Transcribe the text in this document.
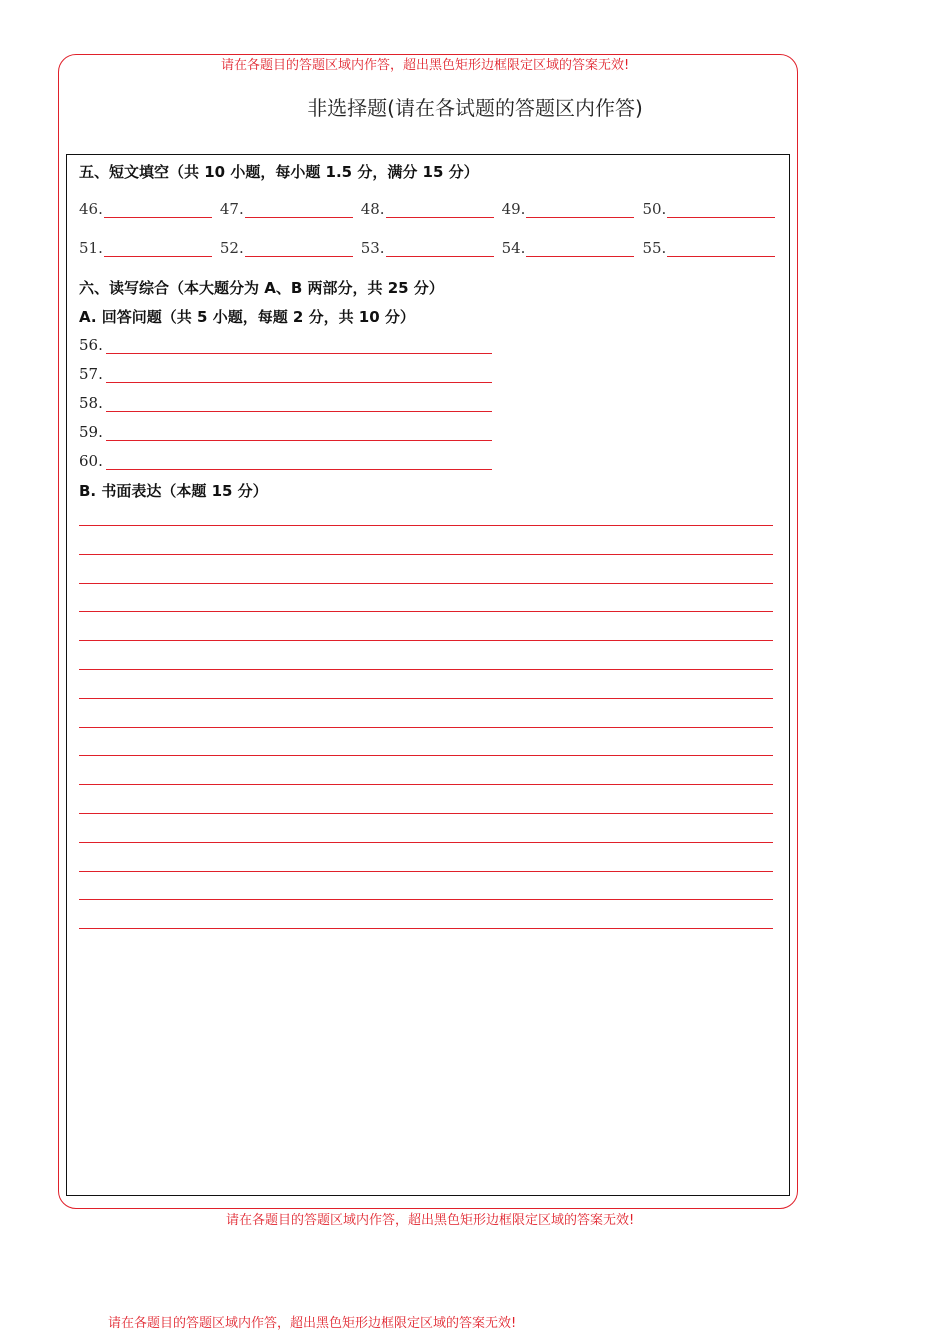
请在各题目的答题区域内作答，超出黑色矩形边框限定区域的答案无效!
非选择题(请在各试题的答题区内作答)
五、短文填空（共 10 小题，每小题 1.5 分，满分 15 分）
46.	47.	48.	49.	50.
51.	52.	53.	54.	55.
六、读写综合（本大题分为 A、B 两部分，共 25 分）
A. 回答问题（共 5 小题，每题 2 分，共 10 分）
56.
57.
58.
59.
60.
B. 书面表达（本题 15 分）
请在各题目的答题区域内作答，超出黑色矩形边框限定区域的答案无效!
请在各题目的答题区域内作答，超出黑色矩形边框限定区域的答案无效!
